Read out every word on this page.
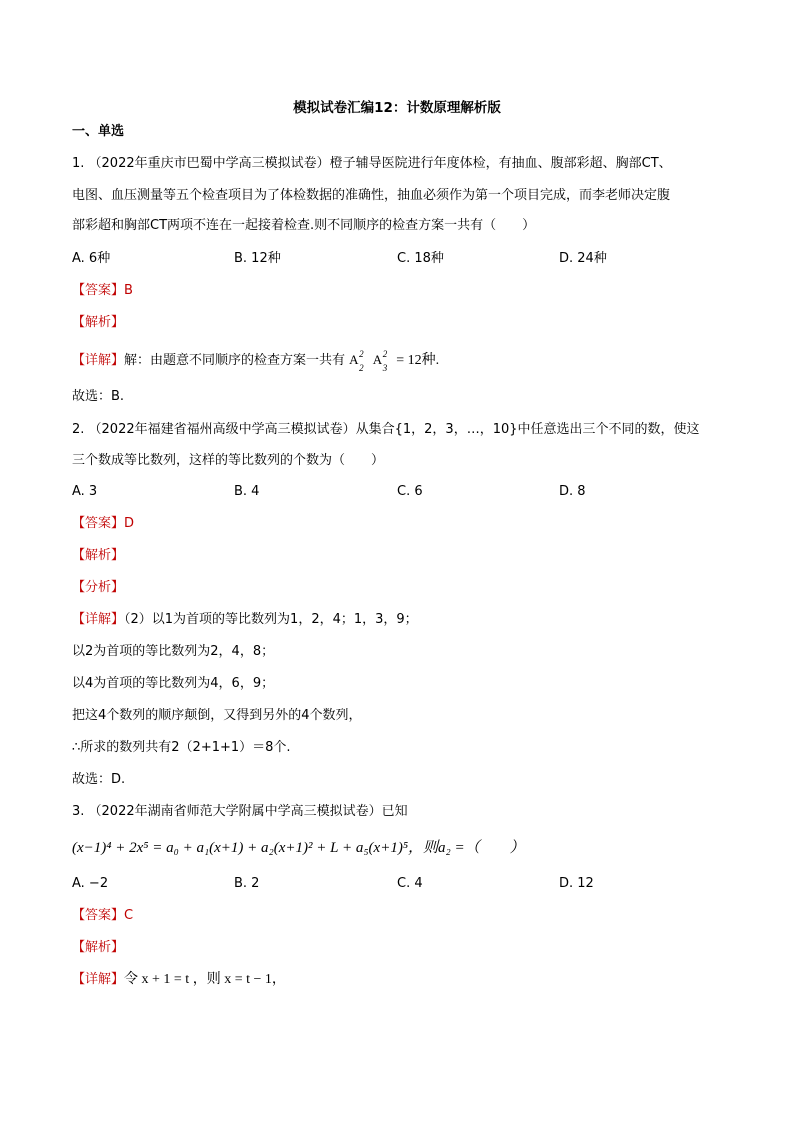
模拟试卷汇编12：计数原理解析版
一、单选
1. （2022年重庆市巴蜀中学高三模拟试卷）橙子辅导医院进行年度体检，有抽血、腹部彩超、胸部CT、
电图、血压测量等五个检查项目为了体检数据的准确性，抽血必须作为第一个项目完成，而李老师决定腹
部彩超和胸部CT两项不连在一起接着检查.则不同顺序的检查方案一共有（　　）
A. 6种	B. 12种	C. 18种	D. 24种
【答案】B
【解析】
【详解】解：由题意不同顺序的检查方案一共有 A 2
2
A 2
3 = 12种.
故选：B.
2. （2022年福建省福州高级中学高三模拟试卷）从集合{1，2，3，…，10}中任意选出三个不同的数，使这
三个数成等比数列，这样的等比数列的个数为（　　）
A. 3	B. 4	C. 6	D. 8
【答案】D
【解析】
【分析】
【详解】（2）以1为首项的等比数列为1，2，4；1，3，9；
以2为首项的等比数列为2，4，8；
以4为首项的等比数列为4，6，9；
把这4个数列的顺序颠倒，又得到另外的4个数列，
∴所求的数列共有2（2+1+1）＝8个.
故选：D.
3. （2022年湖南省师范大学附属中学高三模拟试卷）已知
(x−1)⁴ + 2x⁵ = a₀ + a₁(x+1) + a₂(x+1)² + L + a₅(x+1)⁵，则a₂ =（　　）
A. −2	B. 2	C. 4	D. 12
【答案】C
【解析】
【详解】令 x + 1 = t ，则 x = t − 1，
